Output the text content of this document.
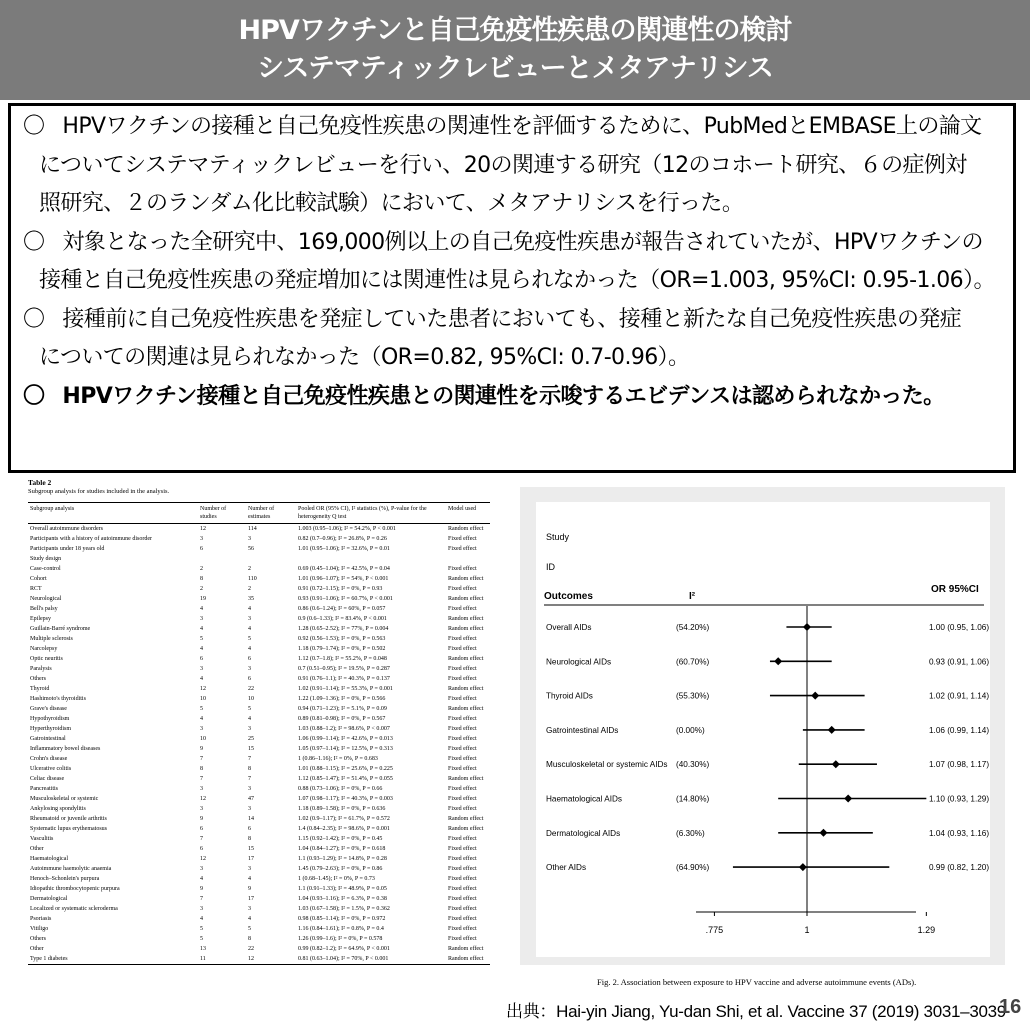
HPVワクチンと自己免疫性疾患の関連性の検討
システマティックレビューとメタアナリシス
〇 HPVワクチンの接種と自己免疫性疾患の関連性を評価するために、PubMedとEMBASE上の論文
についてシステマティックレビューを行い、20の関連する研究（12のコホート研究、６の症例対
照研究、２のランダム化比較試験）において、メタアナリシスを行った。
〇 対象となった全研究中、169,000例以上の自己免疫性疾患が報告されていたが、HPVワクチンの
接種と自己免疫性疾患の発症増加には関連性は見られなかった（OR=1.003, 95%CI: 0.95-1.06）。
〇 接種前に自己免疫性疾患を発症していた患者においても、接種と新たな自己免疫性疾患の発症
についての関連は見られなかった（OR=0.82, 95%CI: 0.7-0.96）。
〇 HPVワクチン接種と自己免疫性疾患との関連性を示唆するエビデンスは認められなかった。
Table 2
Subgroup analysis for studies included in the analysis.
Subgroup analysis	Number of studies	Number of estimates	Pooled OR (95% CI), I² statistics (%), P-value for the heterogeneity Q test	Model used
Overall autoimmune disorders	12	114	1.003 (0.95–1.06); I² = 54.2%, P < 0.001	Random effect
Participants with a history of autoimmune disorder	3	3	0.82 (0.7–0.96); I² = 26.8%, P = 0.26	Fixed effect
Participants under 18 years old	6	56	1.01 (0.95–1.06); I² = 32.6%, P = 0.01	Fixed effect
Study design				
Case-control	2	2	0.69 (0.45–1.04); I² = 42.5%, P = 0.04	Fixed effect
Cohort	8	110	1.01 (0.96–1.07); I² = 54%, P < 0.001	Random effect
RCT	2	2	0.91 (0.72–1.15); I² = 0%, P = 0.93	Fixed effect
Neurological	19	35	0.93 (0.91–1.06); I² = 60.7%, P < 0.001	Random effect
Bell's palsy	4	4	0.86 (0.6–1.24); I² = 60%, P = 0.057	Fixed effect
Epilepsy	3	3	0.9 (0.6–1.33); I² = 83.4%, P < 0.001	Random effect
Guillain-Barré syndrome	4	4	1.28 (0.65–2.52); I² = 77%, P = 0.004	Random effect
Multiple sclerosis	5	5	0.92 (0.56–1.53); I² = 0%, P = 0.563	Fixed effect
Narcolepsy	4	4	1.18 (0.79–1.74); I² = 0%, P = 0.502	Fixed effect
Optic neuritis	6	6	1.12 (0.7–1.8); I² = 55.2%, P = 0.048	Random effect
Paralysis	3	3	0.7 (0.51–0.95); I² = 19.5%, P = 0.287	Fixed effect
Others	4	6	0.91 (0.76–1.1); I² = 40.3%, P = 0.137	Fixed effect
Thyroid	12	22	1.02 (0.91–1.14); I² = 55.3%, P = 0.001	Random effect
Hashimoto's thyroiditis	10	10	1.22 (1.09–1.36); I² = 0%, P = 0.566	Fixed effect
Grave's disease	5	5	0.94 (0.71–1.23); I² = 5.1%, P = 0.09	Random effect
Hypothyroidism	4	4	0.89 (0.81–0.98); I² = 0%, P = 0.567	Fixed effect
Hyperthyroidism	3	3	1.03 (0.88–1.2); I² = 98.6%, P < 0.007	Fixed effect
Gatrointestinal	10	25	1.06 (0.99–1.14); I² = 42.6%, P = 0.013	Fixed effect
Inflammatory bowel diseases	9	15	1.05 (0.97–1.14); I² = 12.5%, P = 0.313	Fixed effect
Crohn's disease	7	7	1 (0.86–1.16); I² = 0%, P = 0.683	Fixed effect
Ulcerative colitis	8	8	1.01 (0.88–1.15); I² = 25.6%, P = 0.225	Fixed effect
Celiac disease	7	7	1.12 (0.85–1.47); I² = 51.4%, P = 0.055	Random effect
Pancreatitis	3	3	0.88 (0.73–1.06); I² = 0%, P = 0.66	Fixed effect
Musculoskeletal or systemic	12	47	1.07 (0.98–1.17); I² = 40.3%, P = 0.003	Fixed effect
Ankylosing spondylitis	3	3	1.18 (0.89–1.58); I² = 0%, P = 0.636	Fixed effect
Rheumatoid or juvenile arthritis	9	14	1.02 (0.9–1.17); I² = 61.7%, P = 0.572	Random effect
Systematic lupus erythematosus	6	6	1.4 (0.84–2.35); I² = 98.6%, P = 0.001	Random effect
Vasculitis	7	8	1.15 (0.92–1.42); I² = 0%, P = 0.45	Fixed effect
Other	6	15	1.04 (0.84–1.27); I² = 0%, P = 0.618	Fixed effect
Haematological	12	17	1.1 (0.93–1.29); I² = 14.8%, P = 0.28	Fixed effect
Autoimmune haemolytic anaemia	3	3	1.45 (0.79–2.63); I² = 0%, P = 0.86	Fixed effect
Henoch–Schonlein's purpura	4	4	1 (0.68–1.45); I² = 0%, P = 0.73	Fixed effect
Idiopathic thrombocytopenic purpura	9	9	1.1 (0.91–1.33); I² = 48.9%, P = 0.05	Fixed effect
Dermatological	7	17	1.04 (0.93–1.16); I² = 6.3%, P = 0.38	Fixed effect
Localized or systematic scleroderma	3	3	1.03 (0.67–1.58); I² = 1.5%, P = 0.362	Fixed effect
Psoriasis	4	4	0.98 (0.85–1.14); I² = 0%, P = 0.972	Fixed effect
Vitiligo	5	5	1.16 (0.84–1.61); I² = 0.8%, P = 0.4	Fixed effect
Others	5	8	1.26 (0.99–1.6); I² = 0%, P = 0.578	Fixed effect
Other	13	22	0.99 (0.82–1.2); I² = 64.9%, P < 0.001	Random effect
Type 1 diabetes	11	12	0.81 (0.63–1.04); I² = 70%, P < 0.001	Random effect
Study
ID
Outcomes	I²
OR 95%CI
.775	1	1.29
Overall AIDs	(54.20%)	1.00 (0.95, 1.06)
Neurological AIDs	(60.70%)	0.93 (0.91, 1.06)
Thyroid AIDs	(55.30%)	1.02 (0.91, 1.14)
Gatrointestinal AIDs	(0.00%)	1.06 (0.99, 1.14)
Musculoskeletal or systemic AIDs (40.30%)	1.07 (0.98, 1.17)
Haematological AIDs	(14.80%)	1.10 (0.93, 1.29)
Dermatological AIDs	(6.30%)	1.04 (0.93, 1.16)
Other AIDs	(64.90%)	0.99 (0.82, 1.20)
Fig. 2. Association between exposure to HPV vaccine and adverse autoimmune events (ADs).
出典：Hai-yin Jiang, Yu-dan Shi, et al. Vaccine 37 (2019) 3031–3039
16
